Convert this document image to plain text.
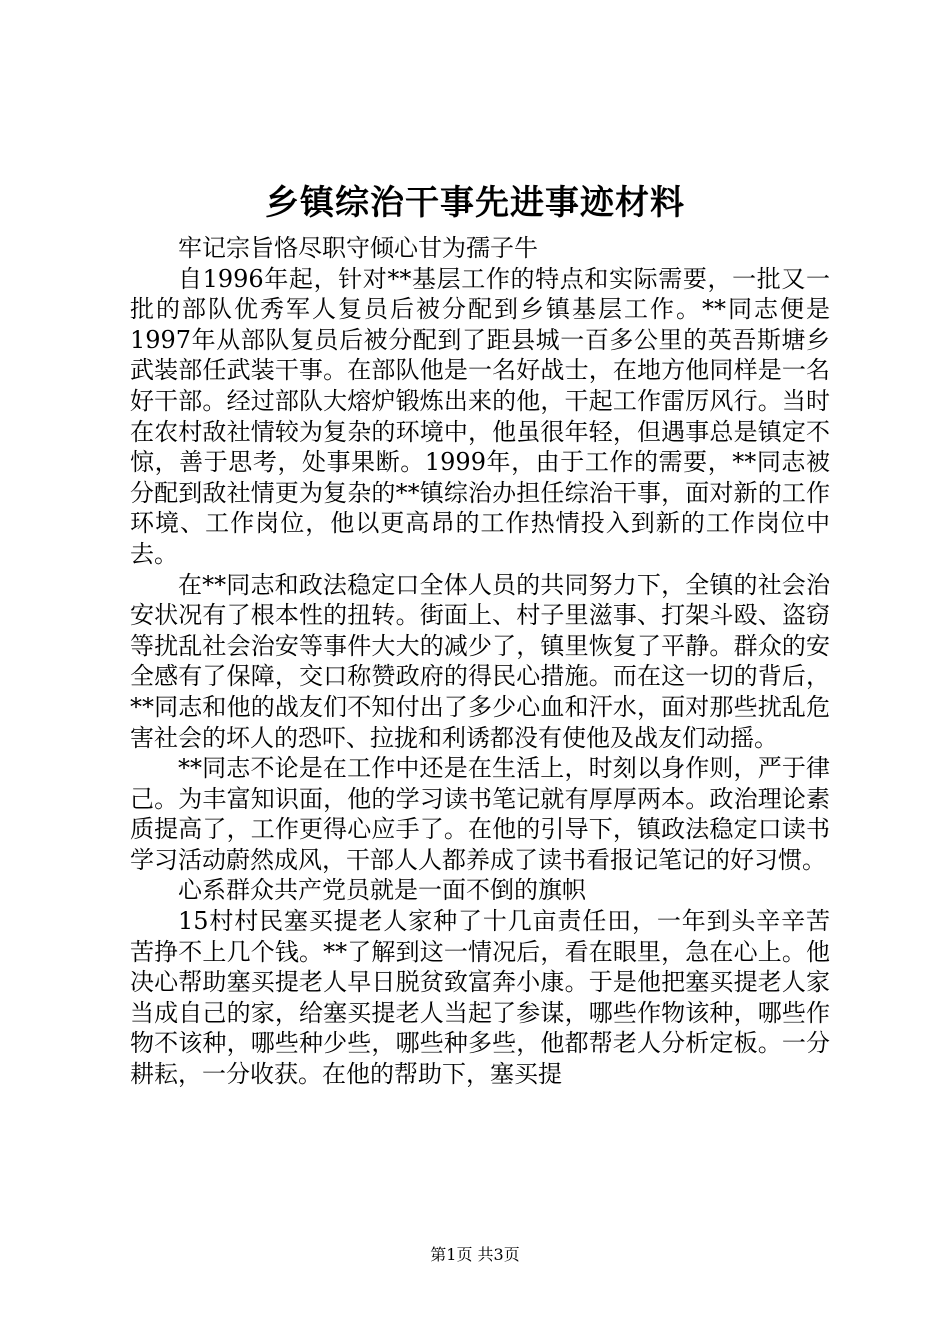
乡镇综治干事先进事迹材料

牢记宗旨恪尽职守倾心甘为孺子牛

自1996年起，针对**基层工作的特点和实际需要，一批又一批的部队优秀军人复员后被分配到乡镇基层工作。**同志便是1997年从部队复员后被分配到了距县城一百多公里的英吾斯塘乡武装部任武装干事。在部队他是一名好战士，在地方他同样是一名好干部。经过部队大熔炉锻炼出来的他，干起工作雷厉风行。当时在农村敌社情较为复杂的环境中，他虽很年轻，但遇事总是镇定不惊，善于思考，处事果断。1999年，由于工作的需要，**同志被分配到敌社情更为复杂的**镇综治办担任综治干事，面对新的工作环境、工作岗位，他以更高昂的工作热情投入到新的工作岗位中去。

在**同志和政法稳定口全体人员的共同努力下，全镇的社会治安状况有了根本性的扭转。街面上、村子里滋事、打架斗殴、盗窃等扰乱社会治安等事件大大的减少了，镇里恢复了平静。群众的安全感有了保障，交口称赞政府的得民心措施。而在这一切的背后，**同志和他的战友们不知付出了多少心血和汗水，面对那些扰乱危害社会的坏人的恐吓、拉拢和利诱都没有使他及战友们动摇。

**同志不论是在工作中还是在生活上，时刻以身作则，严于律己。为丰富知识面，他的学习读书笔记就有厚厚两本。政治理论素质提高了，工作更得心应手了。在他的引导下，镇政法稳定口读书学习活动蔚然成风，干部人人都养成了读书看报记笔记的好习惯。

心系群众共产党员就是一面不倒的旗帜

15村村民塞买提老人家种了十几亩责任田，一年到头辛辛苦苦挣不上几个钱。**了解到这一情况后，看在眼里，急在心上。他决心帮助塞买提老人早日脱贫致富奔小康。于是他把塞买提老人家当成自己的家，给塞买提老人当起了参谋，哪些作物该种，哪些作物不该种，哪些种少些，哪些种多些，他都帮老人分析定板。一分耕耘，一分收获。在他的帮助下，塞买提

第1页 共3页
